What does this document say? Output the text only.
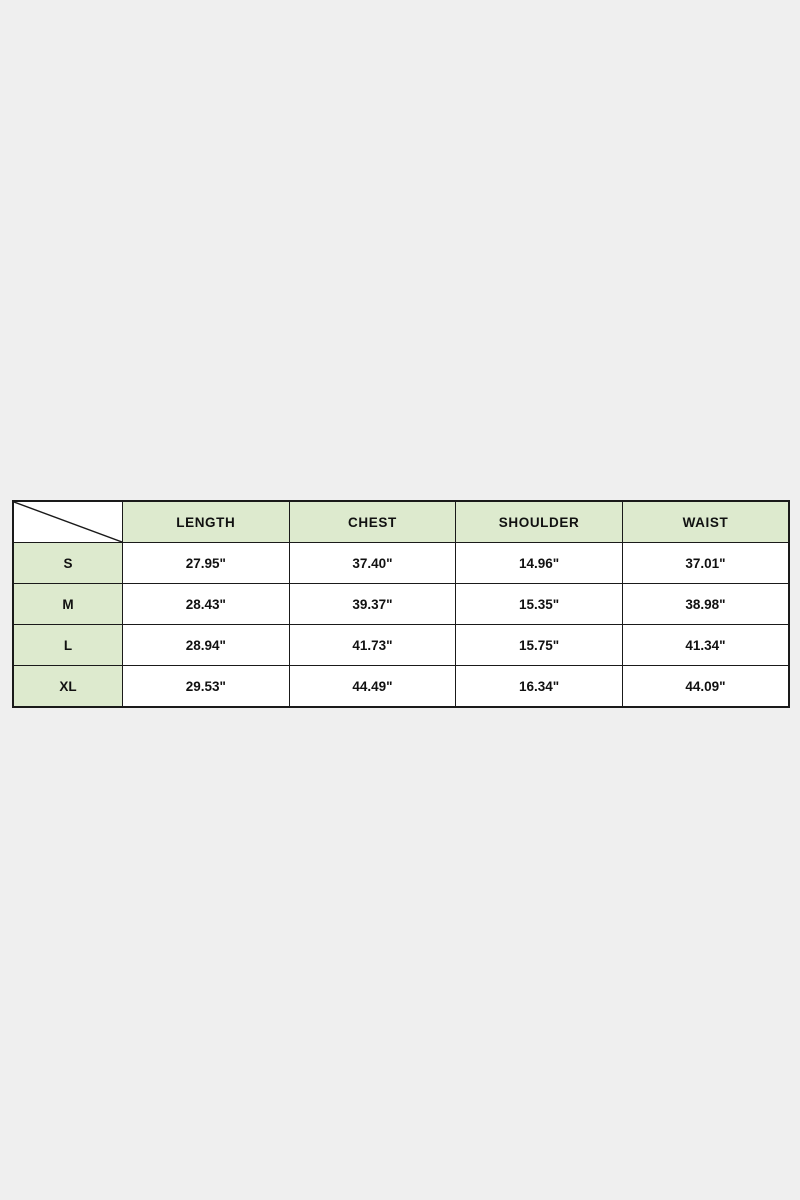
	LENGTH	CHEST	SHOULDER	WAIST
S	27.95"	37.40"	14.96"	37.01"
M	28.43"	39.37"	15.35"	38.98"
L	28.94"	41.73"	15.75"	41.34"
XL	29.53"	44.49"	16.34"	44.09"
